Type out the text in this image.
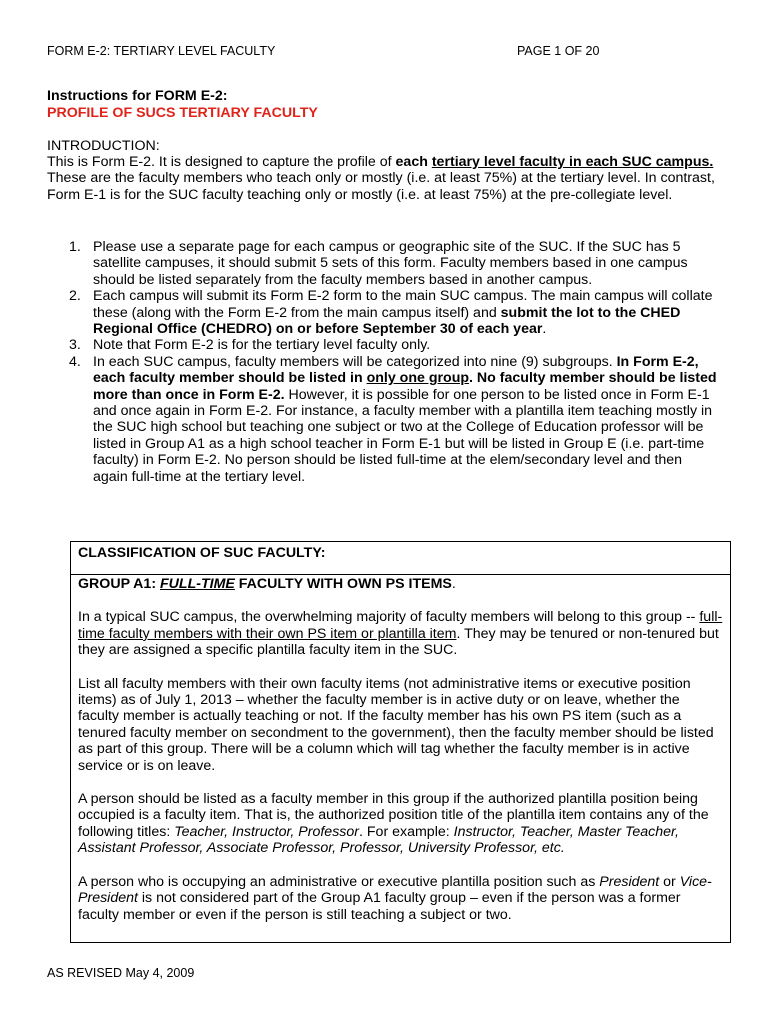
FORM E-2: TERTIARY LEVEL FACULTY	PAGE 1 OF 20
Instructions for FORM E-2:
PROFILE OF SUCS TERTIARY FACULTY
INTRODUCTION:
This is Form E-2. It is designed to capture the profile of each tertiary level faculty in each SUC campus. These are the faculty members who teach only or mostly (i.e. at least 75%) at the tertiary level. In contrast, Form E-1 is for the SUC faculty teaching only or mostly (i.e. at least 75%) at the pre-collegiate level.
1. Please use a separate page for each campus or geographic site of the SUC. If the SUC has 5 satellite campuses, it should submit 5 sets of this form. Faculty members based in one campus should be listed separately from the faculty members based in another campus.
2. Each campus will submit its Form E-2 form to the main SUC campus. The main campus will collate these (along with the Form E-2 from the main campus itself) and submit the lot to the CHED Regional Office (CHEDRO) on or before September 30 of each year.
3. Note that Form E-2 is for the tertiary level faculty only.
4. In each SUC campus, faculty members will be categorized into nine (9) subgroups. In Form E-2, each faculty member should be listed in only one group. No faculty member should be listed more than once in Form E-2. However, it is possible for one person to be listed once in Form E-1 and once again in Form E-2. For instance, a faculty member with a plantilla item teaching mostly in the SUC high school but teaching one subject or two at the College of Education professor will be listed in Group A1 as a high school teacher in Form E-1 but will be listed in Group E (i.e. part-time faculty) in Form E-2. No person should be listed full-time at the elem/secondary level and then again full-time at the tertiary level.
CLASSIFICATION OF SUC FACULTY:

GROUP A1: FULL-TIME FACULTY WITH OWN PS ITEMS.

In a typical SUC campus, the overwhelming majority of faculty members will belong to this group -- full-time faculty members with their own PS item or plantilla item. They may be tenured or non-tenured but they are assigned a specific plantilla faculty item in the SUC.

List all faculty members with their own faculty items (not administrative items or executive position items) as of July 1, 2013 – whether the faculty member is in active duty or on leave, whether the faculty member is actually teaching or not. If the faculty member has his own PS item (such as a tenured faculty member on secondment to the government), then the faculty member should be listed as part of this group. There will be a column which will tag whether the faculty member is in active service or is on leave.

A person should be listed as a faculty member in this group if the authorized plantilla position being occupied is a faculty item. That is, the authorized position title of the plantilla item contains any of the following titles: Teacher, Instructor, Professor. For example: Instructor, Teacher, Master Teacher, Assistant Professor, Associate Professor, Professor, University Professor, etc.

A person who is occupying an administrative or executive plantilla position such as President or Vice-President is not considered part of the Group A1 faculty group – even if the person was a former faculty member or even if the person is still teaching a subject or two.

AS REVISED May 4, 2009
